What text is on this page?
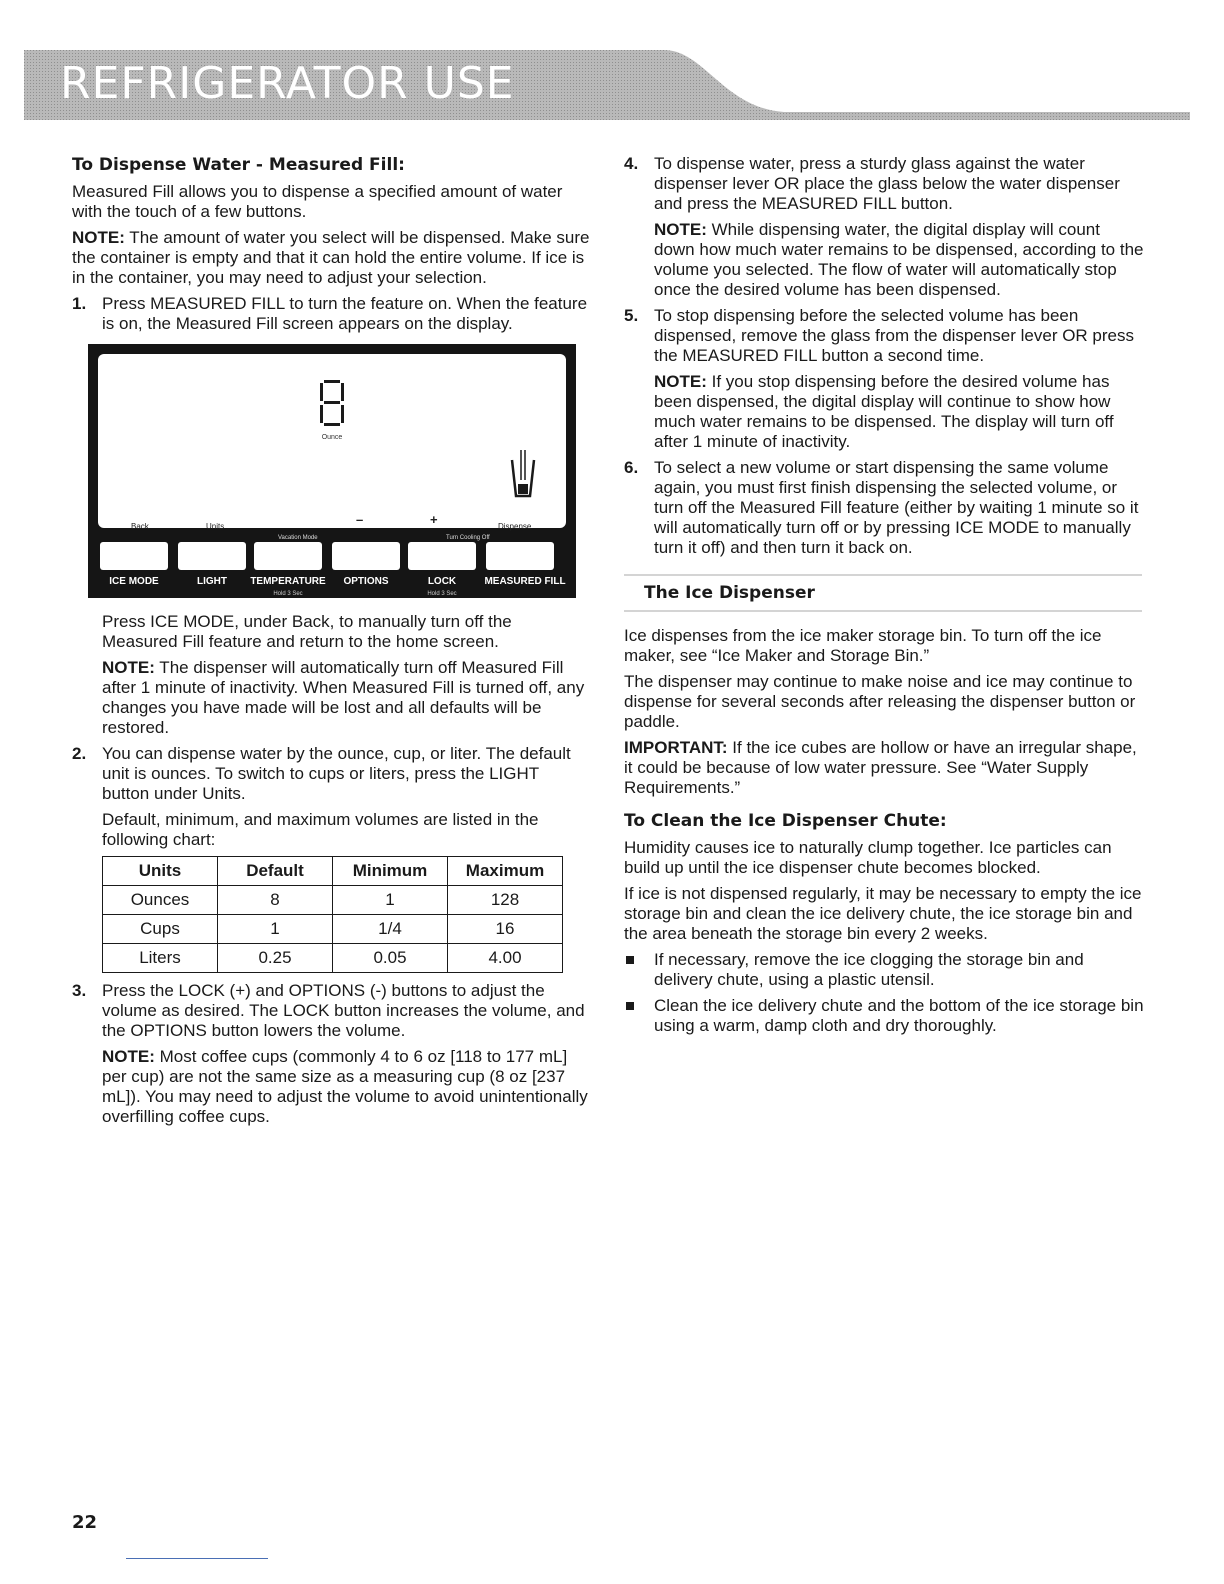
REFRIGERATOR USE
To Dispense Water - Measured Fill:

Measured Fill allows you to dispense a specified amount of water with the touch of a few buttons.

NOTE: The amount of water you select will be dispensed. Make sure the container is empty and that it can hold the entire volume. If ice is in the container, you may need to adjust your selection.

1. Press MEASURED FILL to turn the feature on. When the feature is on, the Measured Fill screen appears on the display.
Ounce
Back	Units	–	+	Dispense
Vacation Mode	Turn Cooling Off
ICE MODE	LIGHT	TEMPERATURE	OPTIONS	LOCK	MEASURED FILL
Hold 3 Sec	Hold 3 Sec

Press ICE MODE, under Back, to manually turn off the Measured Fill feature and return to the home screen.

NOTE: The dispenser will automatically turn off Measured Fill after 1 minute of inactivity. When Measured Fill is turned off, any changes you have made will be lost and all defaults will be restored.

2. You can dispense water by the ounce, cup, or liter. The default unit is ounces. To switch to cups or liters, press the LIGHT button under Units.

Default, minimum, and maximum volumes are listed in the following chart:

Units	Default	Minimum	Maximum
Ounces	8	1	128
Cups	1	1/4	16
Liters	0.25	0.05	4.00
3. Press the LOCK (+) and OPTIONS (-) buttons to adjust the volume as desired. The LOCK button increases the volume, and the OPTIONS button lowers the volume.

NOTE: Most coffee cups (commonly 4 to 6 oz [118 to 177 mL] per cup) are not the same size as a measuring cup (8 oz [237 mL]). You may need to adjust the volume to avoid unintentionally overfilling coffee cups.

4. To dispense water, press a sturdy glass against the water dispenser lever OR place the glass below the water dispenser and press the MEASURED FILL button.

NOTE: While dispensing water, the digital display will count down how much water remains to be dispensed, according to the volume you selected. The flow of water will automatically stop once the desired volume has been dispensed.

5. To stop dispensing before the selected volume has been dispensed, remove the glass from the dispenser lever OR press the MEASURED FILL button a second time.

NOTE: If you stop dispensing before the desired volume has been dispensed, the digital display will continue to show how much water remains to be dispensed. The display will turn off after 1 minute of inactivity.

6. To select a new volume or start dispensing the same volume again, you must first finish dispensing the selected volume, or turn off the Measured Fill feature (either by waiting 1 minute so it will automatically turn off or by pressing ICE MODE to manually turn it off) and then turn it back on.
The Ice Dispenser

Ice dispenses from the ice maker storage bin. To turn off the ice maker, see “Ice Maker and Storage Bin.”

The dispenser may continue to make noise and ice may continue to dispense for several seconds after releasing the dispenser button or paddle.

IMPORTANT: If the ice cubes are hollow or have an irregular shape, it could be because of low water pressure. See “Water Supply Requirements.”

To Clean the Ice Dispenser Chute:

Humidity causes ice to naturally clump together. Ice particles can build up until the ice dispenser chute becomes blocked.

If ice is not dispensed regularly, it may be necessary to empty the ice storage bin and clean the ice delivery chute, the ice storage bin and the area beneath the storage bin every 2 weeks.

If necessary, remove the ice clogging the storage bin and delivery chute, using a plastic utensil.
Clean the ice delivery chute and the bottom of the ice storage bin using a warm, damp cloth and dry thoroughly.
22
